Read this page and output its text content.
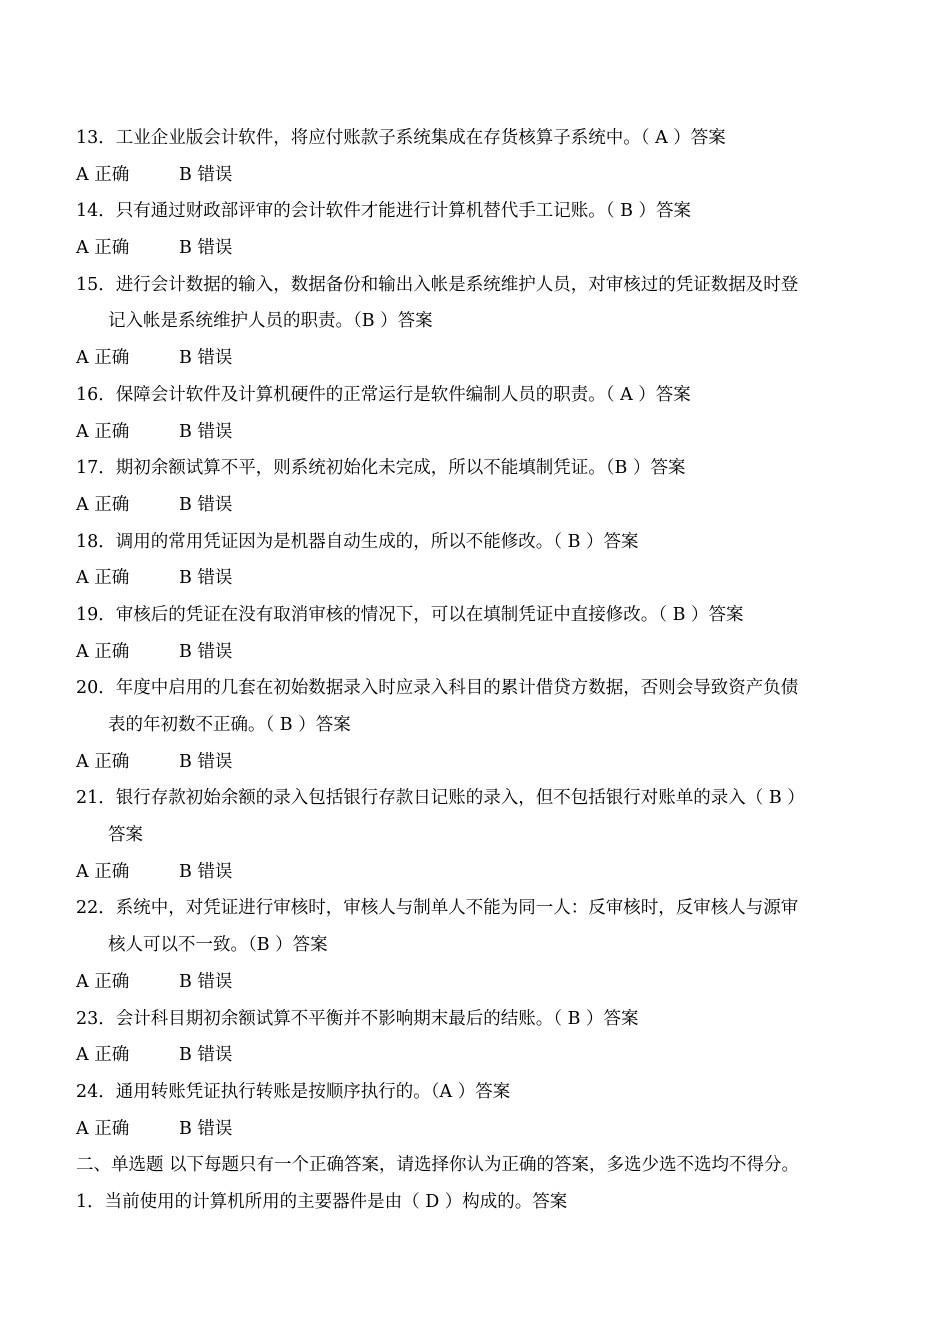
13．工业企业版会计软件，将应付账款子系统集成在存货核算子系统中。（ A ）答案
A 正确	B 错误
14．只有通过财政部评审的会计软件才能进行计算机替代手工记账。（ B ）答案
A 正确	B 错误
15．进行会计数据的输入，数据备份和输出入帐是系统维护人员，对审核过的凭证数据及时登
记入帐是系统维护人员的职责。（B ）答案
A 正确	B 错误
16．保障会计软件及计算机硬件的正常运行是软件编制人员的职责。（ A ）答案
A 正确	B 错误
17．期初余额试算不平，则系统初始化未完成，所以不能填制凭证。（B ）答案
A 正确	B 错误
18．调用的常用凭证因为是机器自动生成的，所以不能修改。（ B ）答案
A 正确	B 错误
19．审核后的凭证在没有取消审核的情况下，可以在填制凭证中直接修改。（ B ）答案
A 正确	B 错误
20．年度中启用的几套在初始数据录入时应录入科目的累计借贷方数据，否则会导致资产负债
表的年初数不正确。（ B ）答案
A 正确	B 错误
21．银行存款初始余额的录入包括银行存款日记账的录入，但不包括银行对账单的录入（ B ）
答案
A 正确	B 错误
22．系统中，对凭证进行审核时，审核人与制单人不能为同一人：反审核时，反审核人与源审
核人可以不一致。（B ）答案
A 正确	B 错误
23．会计科目期初余额试算不平衡并不影响期末最后的结账。（ B ）答案
A 正确	B 错误
24．通用转账凭证执行转账是按顺序执行的。（A ）答案
A 正确	B 错误
二、单选题 以下每题只有一个正确答案，请选择你认为正确的答案，多选少选不选均不得分。
1．当前使用的计算机所用的主要器件是由（ D ）构成的。答案
